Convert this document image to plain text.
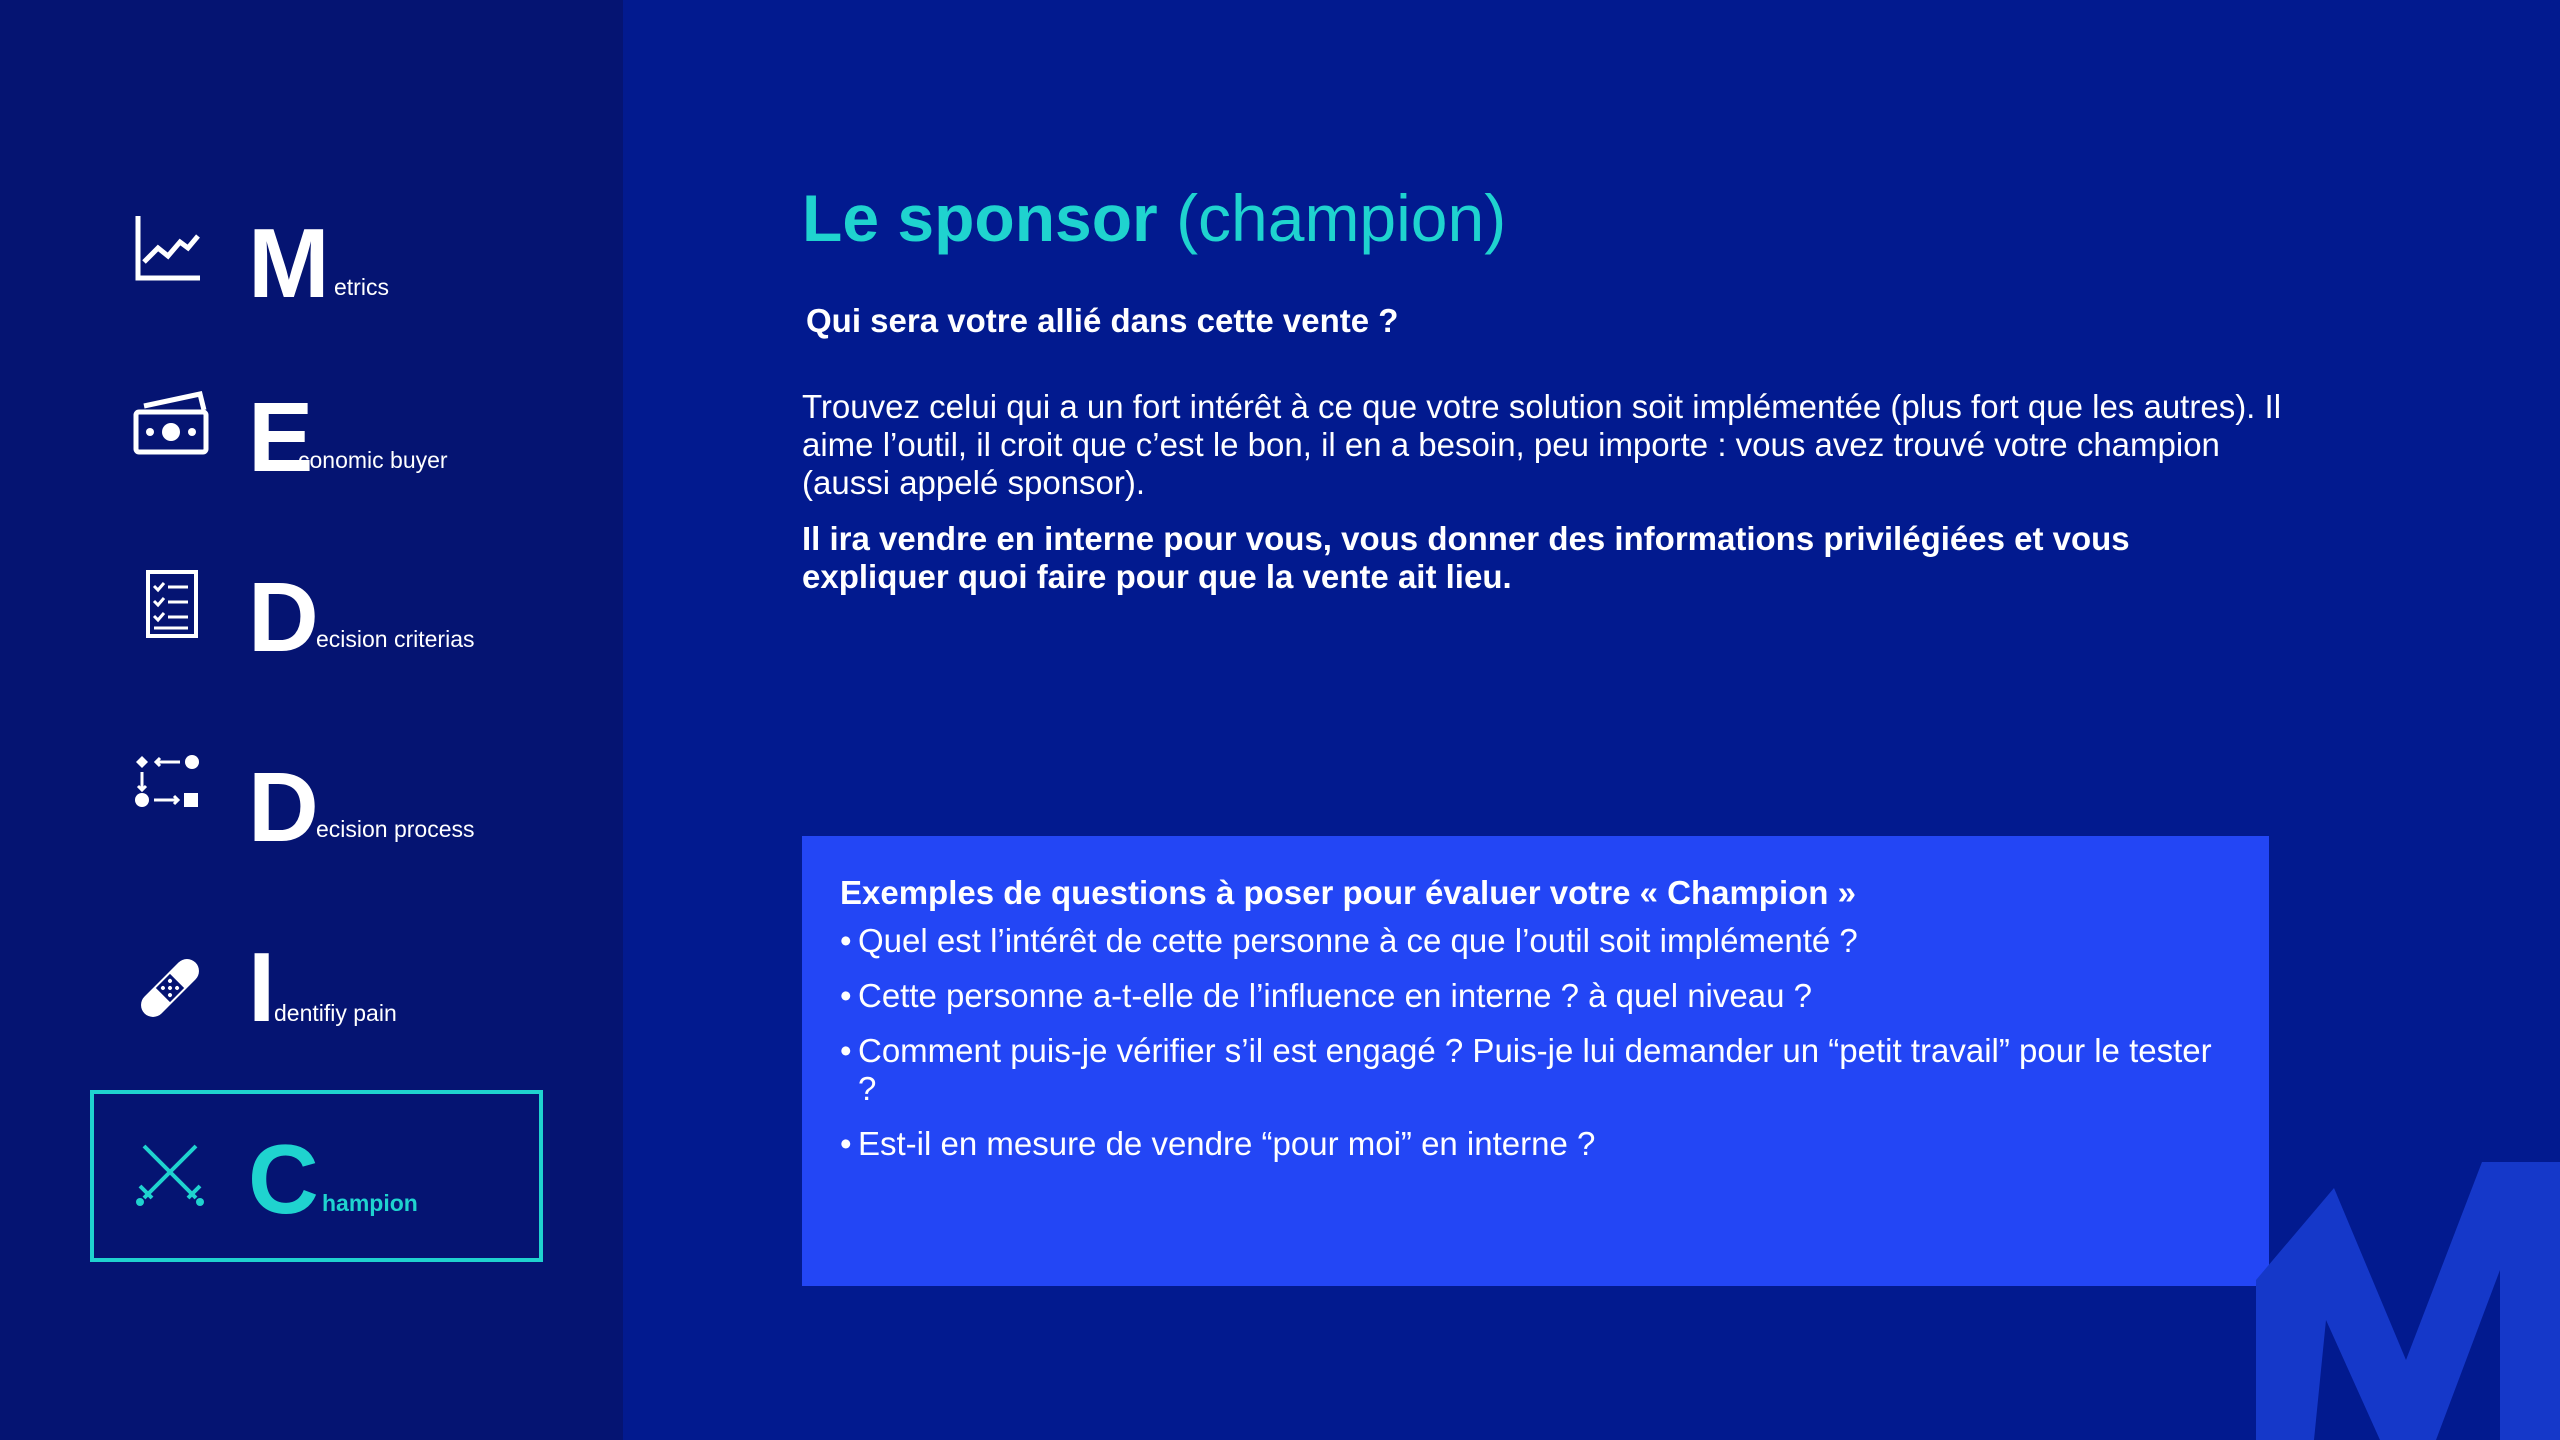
M etrics
E
conomic buyer
D
ecision criterias
D
ecision process
I
dentifiy pain
C hampion
Le sponsor (champion)
Qui sera votre allié dans cette vente ?
Trouvez celui qui a un fort intérêt à ce que votre solution soit implémentée (plus fort que les autres). Il aime l’outil, il croit que c’est le bon, il en a besoin, peu importe : vous avez trouvé votre champion (aussi appelé sponsor).
Il ira vendre en interne pour vous, vous donner des informations privilégiées et vous expliquer quoi faire pour que la vente ait lieu.
Exemples de questions à poser pour évaluer votre « Champion »
• Quel est l’intérêt de cette personne à ce que l’outil soit implémenté ?
• Cette personne a-t-elle de l’influence en interne ? à quel niveau ?
• Comment puis-je vérifier s’il est engagé ? Puis-je lui demander un “petit travail” pour le tester ?
• Est-il en mesure de vendre “pour moi” en interne ?
